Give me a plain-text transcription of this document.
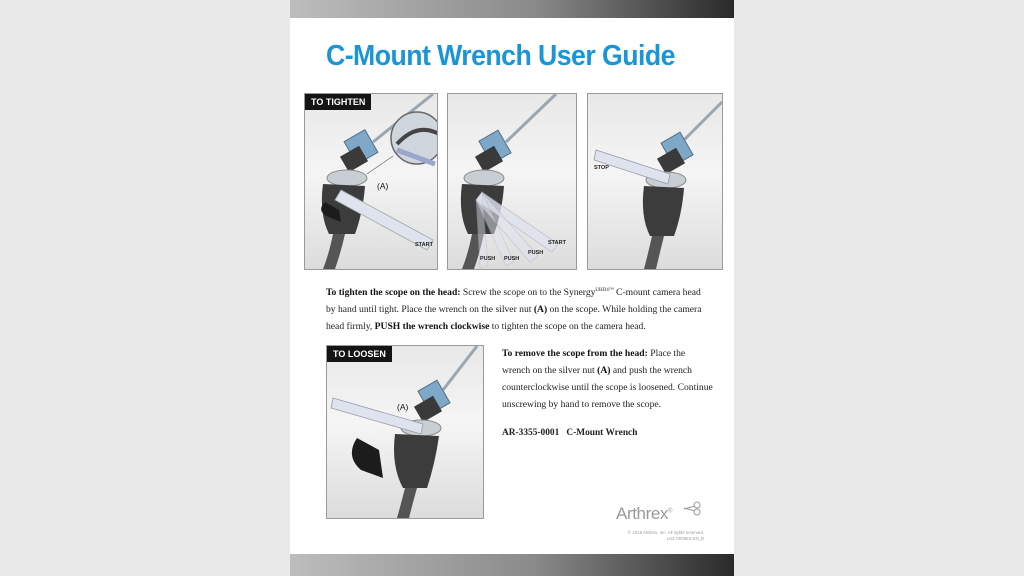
C-Mount Wrench User Guide
TO TIGHTEN
(A)
START	START
PUSH
PUSH
PUSH
STOP
To tighten the scope on the head: Screw the scope on to the Synergy$^{UHD4™}$ C-mount camera head by hand until tight. Place the wrench on the silver nut (A) on the scope. While holding the camera head firmly, PUSH the wrench clockwise to tighten the scope on the camera head.
TO LOOSEN
(A)
To remove the scope from the head: Place the wrench on the silver nut (A) and push the wrench counterclockwise until the scope is loosened. Continue unscrewing by hand to remove the scope.
AR-3355-0001 C-Mount Wrench
Arthrex®
© 2018 Arthrex, Inc. All rights reserved.
LN1-000563-EN_B
